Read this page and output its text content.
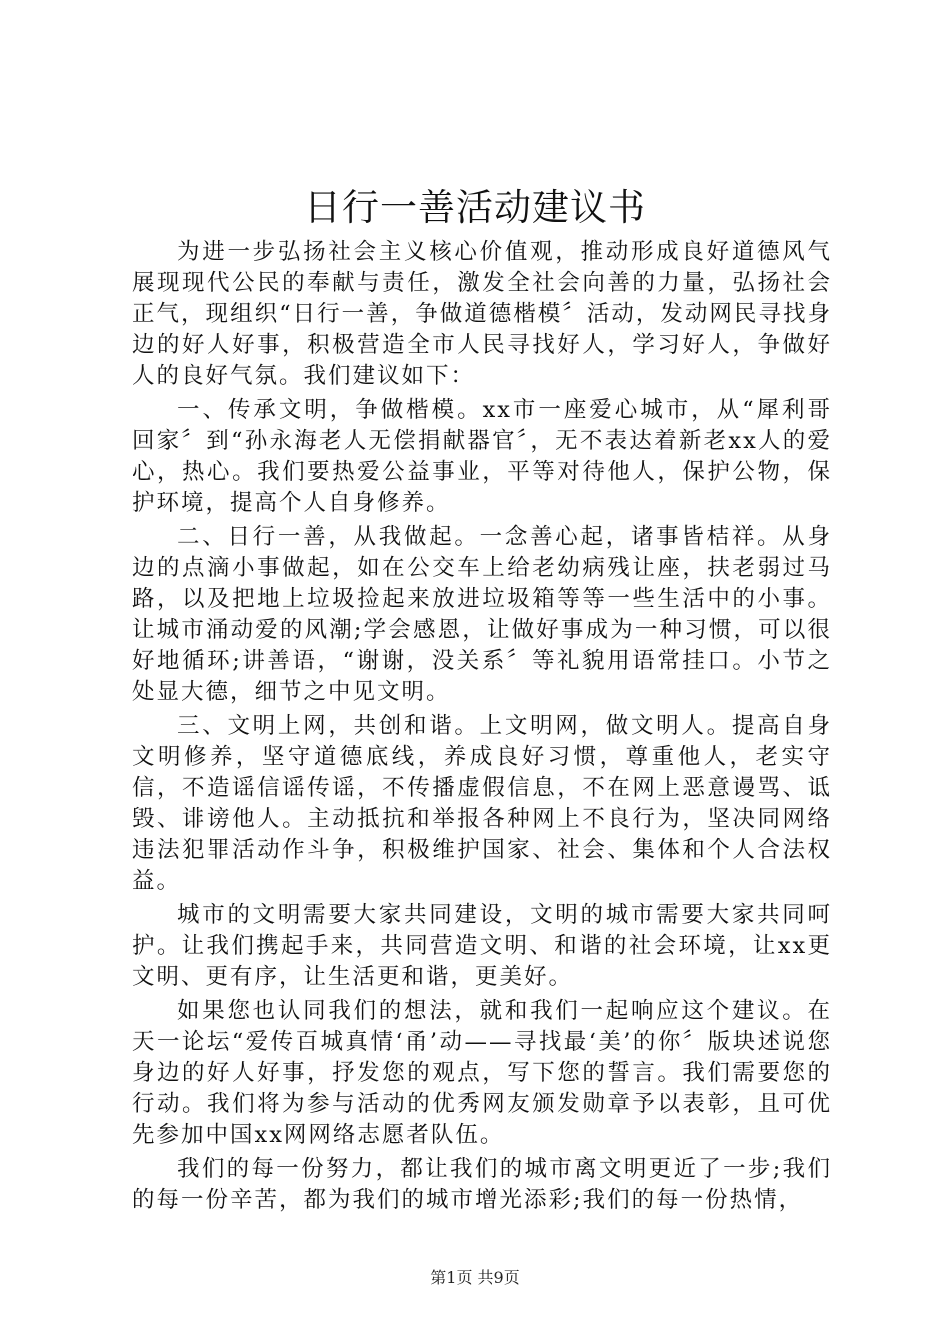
日行一善活动建议书

为进一步弘扬社会主义核心价值观，推动形成良好道德风气展现现代公民的奉献与责任，激发全社会向善的力量，弘扬社会正气，现组织“日行一善，争做道德楷模〞活动，发动网民寻找身边的好人好事，积极营造全市人民寻找好人，学习好人，争做好人的良好气氛。我们建议如下：

一、传承文明，争做楷模。xx市一座爱心城市，从“犀利哥回家〞到“孙永海老人无偿捐献器官〞，无不表达着新老xx人的爱心，热心。我们要热爱公益事业，平等对待他人，保护公物，保护环境，提高个人自身修养。

二、日行一善，从我做起。一念善心起，诸事皆桔祥。从身边的点滴小事做起，如在公交车上给老幼病残让座，扶老弱过马路，以及把地上垃圾捡起来放进垃圾箱等等一些生活中的小事。让城市涌动爱的风潮;学会感恩，让做好事成为一种习惯，可以很好地循环;讲善语，“谢谢，没关系〞等礼貌用语常挂口。小节之处显大德，细节之中见文明。

三、文明上网，共创和谐。上文明网，做文明人。提高自身文明修养，坚守道德底线，养成良好习惯，尊重他人，老实守信，不造谣信谣传谣，不传播虚假信息，不在网上恶意谩骂、诋毁、诽谤他人。主动抵抗和举报各种网上不良行为，坚决同网络违法犯罪活动作斗争，积极维护国家、社会、集体和个人合法权益。

城市的文明需要大家共同建设，文明的城市需要大家共同呵护。让我们携起手来，共同营造文明、和谐的社会环境，让xx更文明、更有序，让生活更和谐，更美好。

如果您也认同我们的想法，就和我们一起响应这个建议。在天一论坛“爱传百城真情‘甬’动——寻找最‘美’的你〞版块述说您身边的好人好事，抒发您的观点，写下您的誓言。我们需要您的行动。我们将为参与活动的优秀网友颁发勋章予以表彰，且可优先参加中国xx网网络志愿者队伍。

我们的每一份努力，都让我们的城市离文明更近了一步;我们的每一份辛苦，都为我们的城市增光添彩;我们的每一份热情，

第1页 共9页
